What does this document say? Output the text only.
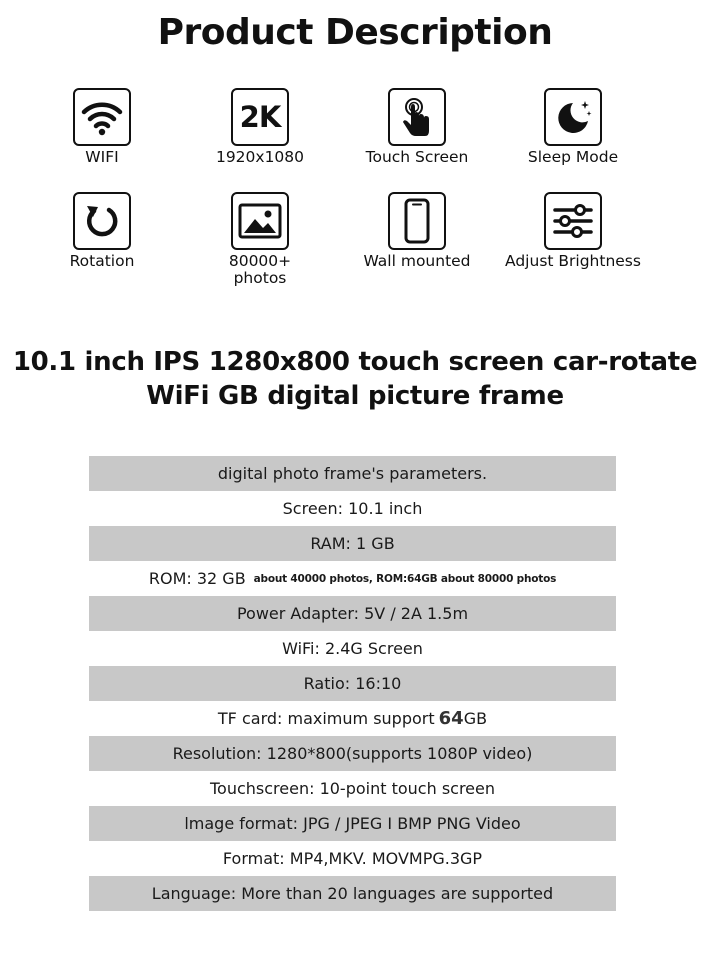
Product Description
WIFI
2K
1920x1080	Touch Screen	Sleep Mode
Rotation	80000+
photos
Wall mounted	Adjust Brightness
10.1 inch IPS 1280x800 touch screen car-rotate
WiFi GB digital picture frame
digital photo frame's parameters.
Screen: 10.1 inch
RAM: 1 GB
ROM: 32 GB about 40000 photos, ROM:64GB about 80000 photos
Power Adapter: 5V / 2A 1.5m
WiFi: 2.4G Screen
Ratio: 16:10
TF card: maximum support 64 GB
Resolution: 1280*800(supports 1080P video)
Touchscreen: 10-point touch screen
lmage format: JPG / JPEG I BMP PNG Video
Format: MP4,MKV. MOVMPG.3GP
Language: More than 20 languages are supported
